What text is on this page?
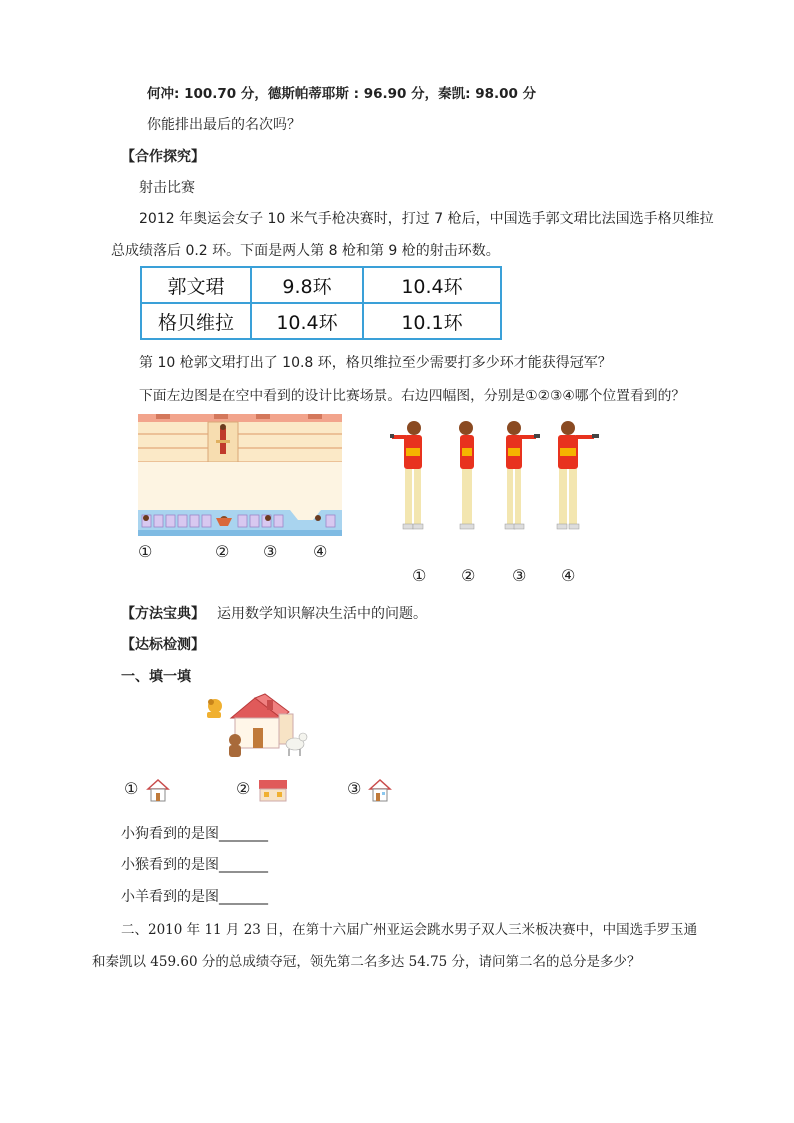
何冲: 100.70 分，德斯帕蒂耶斯 : 96.90 分，秦凯: 98.00 分
你能排出最后的名次吗？
【合作探究】
射击比赛
2012 年奥运会女子 10 米气手枪决赛时，打过 7 枪后，中国选手郭文珺比法国选手格贝维拉
总成绩落后 0.2 环。下面是两人第 8 枪和第 9 枪的射击环数。
郭文珺	9.8环	10.4环
格贝维拉	10.4环	10.1环
第 10 枪郭文珺打出了 10.8 环，格贝维拉至少需要打多少环才能获得冠军？
下面左边图是在空中看到的设计比赛场景。右边四幅图，分别是①②③④哪个位置看到的？
①	② ③ ④
① ② ③ ④
【方法宝典】 运用数学知识解决生活中的问题。
【达标检测】
一、填一填
①	②	③
小狗看到的是图_______
小猴看到的是图_______
小羊看到的是图_______
二、2010 年 11 月 23 日，在第十六届广州亚运会跳水男子双人三米板决赛中，中国选手罗玉通
和秦凯以 459.60 分的总成绩夺冠，领先第二名多达 54.75 分，请问第二名的总分是多少？
